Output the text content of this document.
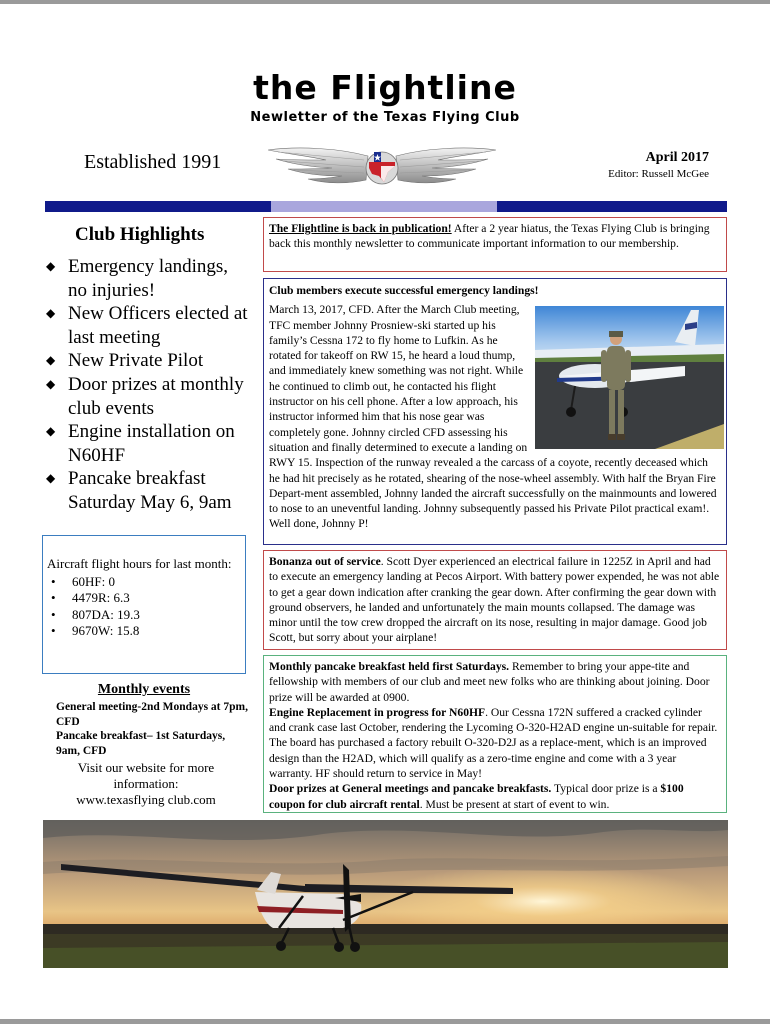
the Flightline
Newletter of the Texas Flying Club
Established 1991	April 2017
Editor: Russell McGee
Club Highlights
◆ Emergency landings, no injuries!
◆ New Officers elected at last meeting
◆ New Private Pilot
◆ Door prizes at monthly club events
◆ Engine installation on N60HF
◆ Pancake breakfast Saturday May 6, 9am
Aircraft flight hours for last month:
• 60HF: 0
• 4479R: 6.3
• 807DA: 19.3
• 9670W: 15.8
Monthly events
General meeting-2nd Mondays at 7pm, CFD
Pancake breakfast– 1st Saturdays, 9am, CFD
Visit our website for more information:
www.texasflying club.com
The Flightline is back in publication! After a 2 year hiatus, the Texas Flying Club is bringing back this monthly newsletter to communicate important information to our membership.
Club members execute successful emergency landings!
March 13, 2017, CFD. After the March Club meeting, TFC member Johnny Prosniew-ski started up his family’s Cessna 172 to fly home to Lufkin. As he rotated for takeoff on RW 15, he heard a loud thump, and immediately knew something was not right. While he continued to climb out, he contacted his flight instructor on his cell phone. After a low approach, his instructor informed him that his nose gear was completely gone. Johnny circled CFD assessing his situation and finally determined to execute a landing on RWY 15. Inspection of the runway revealed a the carcass of a coyote, recently deceased which he had hit precisely as he rotated, shearing of the nose-wheel assembly. With half the Bryan Fire Depart-ment assembled, Johnny landed the aircraft successfully on the mainmounts and lowered to nose to an uneventful landing. Johnny subsequently passed his Private Pilot practical exam!. Well done, Johnny P!
Bonanza out of service. Scott Dyer experienced an electrical failure in 1225Z in April and had to execute an emergency landing at Pecos Airport. With battery power expended, he was not able to get a gear down indication after cranking the gear down. After confirming the gear down with ground observers, he landed and unfortunately the main mounts collapsed. The damage was minor until the tow crew dropped the aircraft on its nose, resulting in major damage. Good job Scott, but sorry about your airplane!
Monthly pancake breakfast held first Saturdays. Remember to bring your appe-tite and fellowship with members of our club and meet new folks who are thinking about joining. Door prize will be awarded at 0900.
Engine Replacement in progress for N60HF. Our Cessna 172N suffered a cracked cylinder and crank case last October, rendering the Lycoming O-320-H2AD engine un-suitable for repair. The board has purchased a factory rebuilt O-320-D2J as a replace-ment, which is an improved design than the H2AD, which will qualify as a zero-time engine and come with a 3 year warranty. HF should return to service in May!
Door prizes at General meetings and pancake breakfasts. Typical door prize is a $100 coupon for club aircraft rental. Must be present at start of event to win.
